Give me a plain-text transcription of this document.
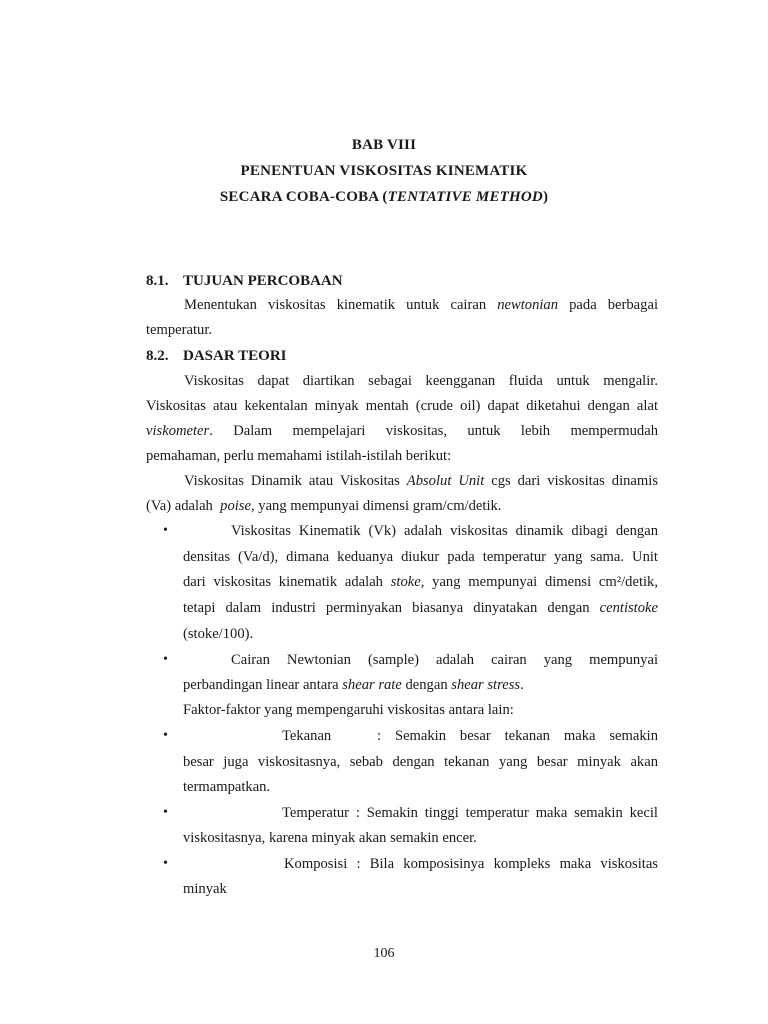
BAB VIII
PENENTUAN VISKOSITAS KINEMATIK
SECARA COBA-COBA (TENTATIVE METHOD)
8.1. TUJUAN PERCOBAAN
Menentukan viskositas kinematik untuk cairan newtonian pada berbagai
temperatur.
8.2. DASAR TEORI
Viskositas dapat diartikan sebagai keengganan fluida untuk mengalir.
Viskositas atau kekentalan minyak mentah (crude oil) dapat diketahui dengan alat
viskometer. Dalam mempelajari viskositas, untuk lebih mempermudah
pemahaman, perlu memahami istilah-istilah berikut:
Viskositas Dinamik atau Viskositas Absolut Unit cgs dari viskositas dinamis
(Va) adalah  poise, yang mempunyai dimensi gram/cm/detik.
•	Viskositas Kinematik (Vk) adalah viskositas dinamik dibagi dengan
densitas (Va/d), dimana keduanya diukur pada temperatur yang sama. Unit
dari viskositas kinematik adalah stoke, yang mempunyai dimensi cm²/detik,
tetapi dalam industri perminyakan biasanya dinyatakan dengan centistoke
(stoke/100).
•	Cairan Newtonian (sample) adalah cairan yang mempunyai
perbandingan linear antara shear rate dengan shear stress.
Faktor-faktor yang mempengaruhi viskositas antara lain:
•	Tekanan	: Semakin besar tekanan maka semakin
besar juga viskositasnya, sebab dengan tekanan yang besar minyak akan
termampatkan.
•	Temperatur : Semakin tinggi temperatur maka semakin kecil
viskositasnya, karena minyak akan semakin encer.
•	Komposisi : Bila komposisinya kompleks maka viskositas
minyak
106
